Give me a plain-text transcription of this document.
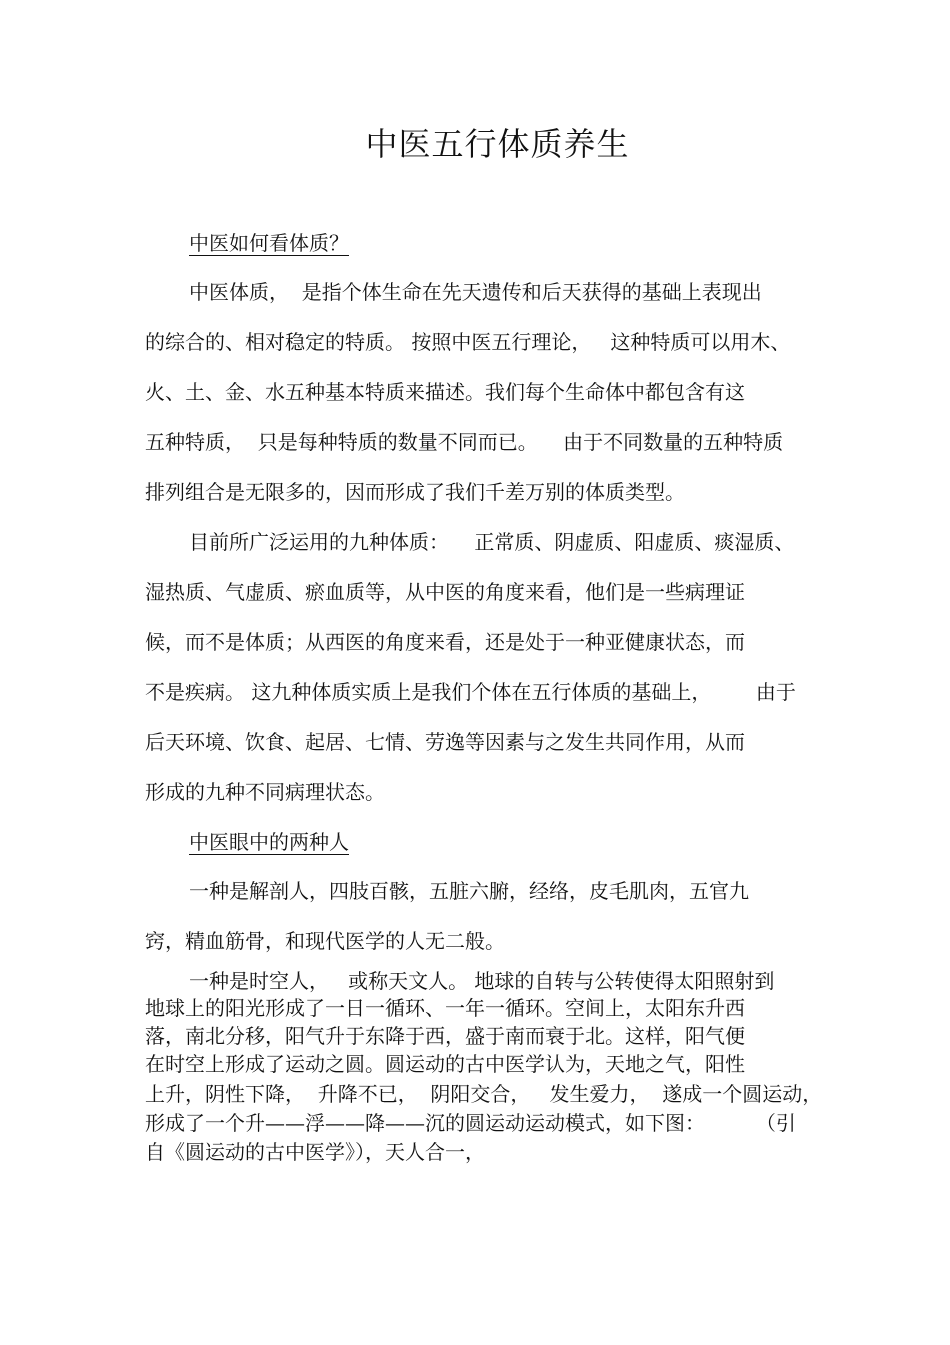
中医五行体质养生

中医如何看体质？

中医体质，  是指个体生命在先天遗传和后天获得的基础上表现出

的综合的、相对稳定的特质。 按照中医五行理论，   这种特质可以用木、

火、土、金、水五种基本特质来描述。我们每个生命体中都包含有这

五种特质，  只是每种特质的数量不同而已。    由于不同数量的五种特质

排列组合是无限多的，因而形成了我们千差万别的体质类型。

目前所广泛运用的九种体质：    正常质、阴虚质、阳虚质、痰湿质、

湿热质、气虚质、瘀血质等，从中医的角度来看，他们是一些病理证

候，而不是体质；从西医的角度来看，还是处于一种亚健康状态，而

不是疾病。 这九种体质实质上是我们个体在五行体质的基础上，       由于

后天环境、饮食、起居、七情、劳逸等因素与之发生共同作用，从而

形成的九种不同病理状态。

中医眼中的两种人

一种是解剖人，四肢百骸，五脏六腑，经络，皮毛肌肉，五官九

窍，精血筋骨，和现代医学的人无二般。

一种是时空人，   或称天文人。 地球的自转与公转使得太阳照射到

地球上的阳光形成了一日一循环、一年一循环。空间上，太阳东升西

落，南北分移，阳气升于东降于西，盛于南而衰于北。这样，阳气便

在时空上形成了运动之圆。圆运动的古中医学认为，天地之气，阳性

上升，阴性下降，  升降不已，  阴阳交合，   发生爱力，  遂成一个圆运动，

形成了一个升——浮——降——沉的圆运动运动模式，如下图：        （引

自《圆运动的古中医学》），天人合一，
